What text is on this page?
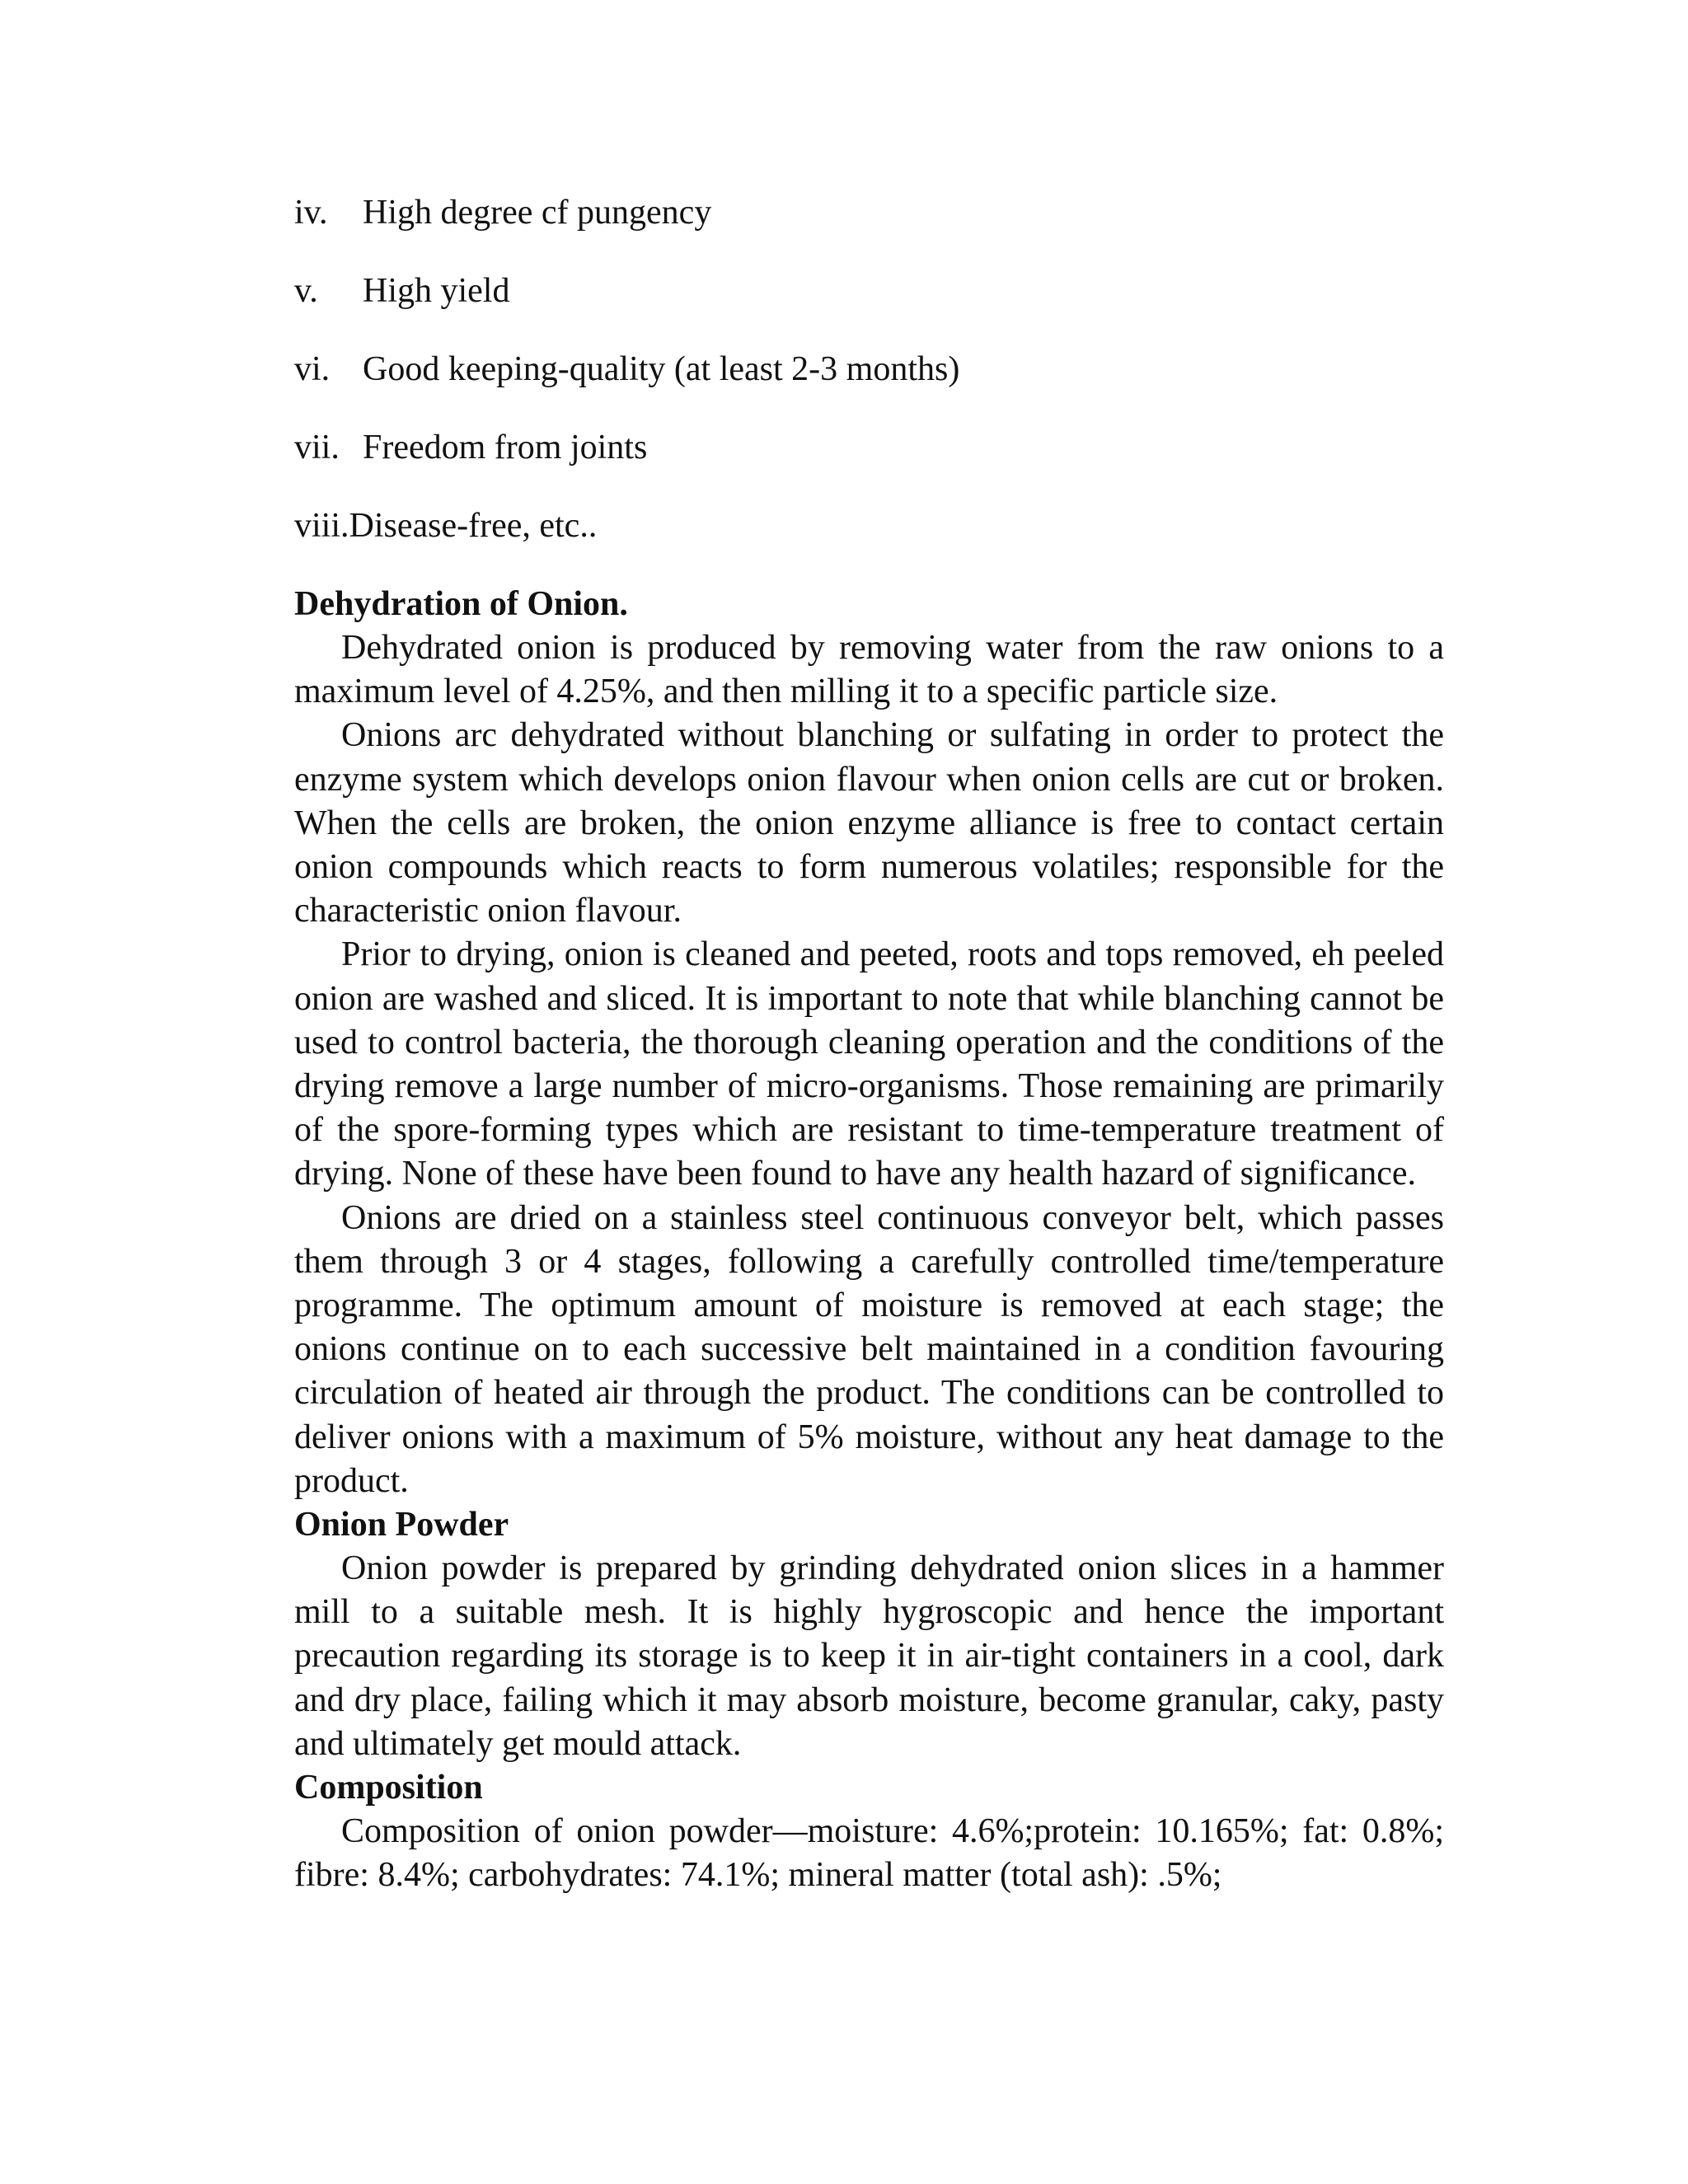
iv.	High degree cf pungency
v.	High yield
vi. Good keeping-quality (at least 2-3 months)
vii. Freedom from joints
viii. Disease-free, etc..
Dehydration of Onion.

Dehydrated onion is produced by removing water from the raw onions to a maximum level of 4.25%, and then milling it to a specific particle size.

Onions arc dehydrated without blanching or sulfating in order to protect the enzyme system which develops onion flavour when onion cells are cut or broken. When the cells are broken, the onion enzyme alliance is free to contact certain onion compounds which reacts to form numerous volatiles; responsible for the characteristic onion flavour.

Prior to drying, onion is cleaned and peeted, roots and tops removed, eh peeled onion are washed and sliced. It is important to note that while blanching cannot be used to control bacteria, the thorough cleaning operation and the conditions of the drying remove a large number of micro-organisms. Those remaining are primarily of the spore-forming types which are resistant to time-temperature treatment of drying. None of these have been found to have any health hazard of significance.

Onions are dried on a stainless steel continuous conveyor belt, which passes them through 3 or 4 stages, following a carefully controlled time/temperature programme. The optimum amount of moisture is removed at each stage; the onions continue on to each successive belt maintained in a condition favouring circulation of heated air through the product. The conditions can be controlled to deliver onions with a maximum of 5% moisture, without any heat damage to the product.

Onion Powder

Onion powder is prepared by grinding dehydrated onion slices in a hammer mill to a suitable mesh. It is highly hygroscopic and hence the important precaution regarding its storage is to keep it in air-tight containers in a cool, dark and dry place, failing which it may absorb moisture, become granular, caky, pasty and ultimately get mould attack.

Composition

Composition of onion powder—moisture: 4.6%;protein: 10.165%; fat: 0.8%; fibre: 8.4%; carbohydrates: 74.1%; mineral matter (total ash): .5%;
